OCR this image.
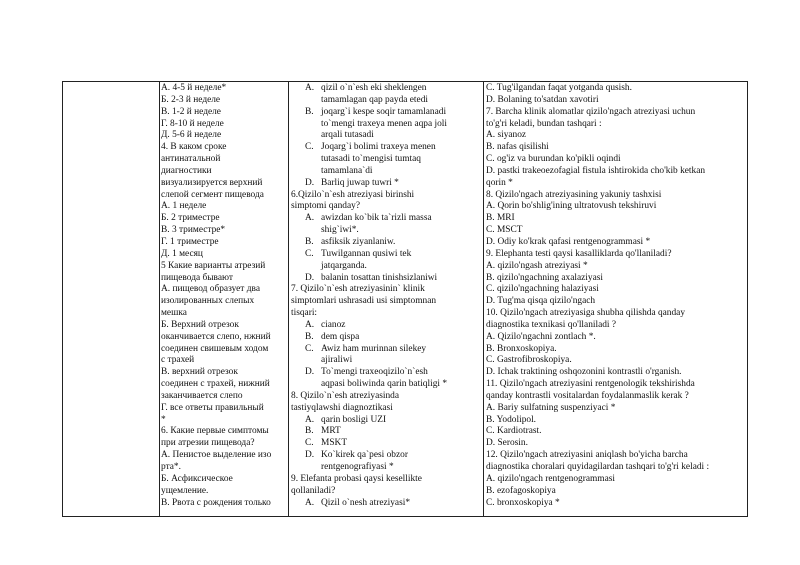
А. 4-5 й неделе*
Б. 2-3 й неделе
В. 1-2 й неделе
Г. 8-10 й неделе
Д. 5-6 й неделе
4. В каком сроке
антинатальной
диагностики
визуализируется верхний
слепой сегмент пищевода
А. 1 неделе
Б. 2 триместре
В. 3 триместре*
Г. 1 триместре
Д. 1 месяц
5 Какие варианты атрезий
пищевода бывают
А. пищевод образует два
изолированных слепых
мешка
Б. Верхний отрезок
оканчивается слепо, нжний
соединен свишевым ходом
с трахей
В. верхний отрезок
соединен с трахей, нижний
заканчивается слепо
Г. все ответы правильный
*
6. Какие первые симптомы
при атрезии пищевода?
А. Пенистое выделение изо
рта*.
Б. Асфиксическое
ущемление.
В. Рвота с рождения только
A. qizil o`n`esh eki sheklengen
tamamlagan qap payda etedi
B. joqarg`i kespe soqir tamamlanadi
to`mengi traxeya menen aqpa joli
arqali tutasadi
C. Joqarg`i bolimi traxeya menen
tutasadi to`mengisi tumtaq
tamamlana`di
D. Barliq juwap tuwri *
6.Qizilo`n`esh atreziyasi birinshi
simptomi qanday?
A. awizdan ko`bik ta`rizli massa
shig`iwi*.
B. asfiksik ziyanlaniw.
C. Tuwilgannan qusiwi tek
jatqarganda.
D. balanin tosattan tinishsizlaniwi
7. Qizilo`n`esh atreziyasinin` klinik
simptomlari ushrasadi usi simptomnan
tisqari:
A. cianoz
B. dem qispa
C. Awiz ham murinnan silekey
ajiraliwi
D. To`mengi traxeoqizilo`n`esh
aqpasi boliwinda qarin batiqligi *
8. Qizilo`n`esh atreziyasinda
tastiyqlawshi diagnoztikasi
A. qarin bosligi UZI
B. MRT
C. MSKT
D. Ko`kirek qa`pesi obzor
rentgenografiyasi *
9. Elefanta probasi qaysi kesellikte
qollaniladi?
A. Qizil o`nesh atreziyasi*
C. Tug'ilgandan faqat yotganda qusish.
D. Bolaning to'satdan xavotiri
7. Barcha klinik alomatlar qizilo'ngach atreziyasi uchun
to'g'ri keladi, bundan tashqari :
A. siyanoz
B. nafas qisilishi
C. og'iz va burundan ko'pikli oqindi
D. pastki trakeoezofagial fistula ishtirokida cho'kib ketkan
qorin *
8. Qizilo'ngach atreziyasining yakuniy tashxisi
A. Qorin bo'shlig'ining ultratovush tekshiruvi
B. MRI
C. MSCT
D. Odiy ko'krak qafasi rentgenogrammasi *
9. Elephanta testi qaysi kasalliklarda qo'llaniladi?
A. qizilo'ngash atreziyasi *
B. qizilo'ngachning axalaziyasi
C. qizilo'ngachning halaziyasi
D. Tug'ma qisqa qizilo'ngach
10. Qizilo'ngach atreziyasiga shubha qilishda qanday
diagnostika texnikasi qo'llaniladi ?
A. Qizilo'ngachni zontlach *.
B. Bronxoskopiya.
C. Gastrofibroskopiya.
D. Ichak traktining oshqozonini kontrastli o'rganish.
11. Qizilo'ngach atreziyasini rentgenologik tekshirishda
qanday kontrastli vositalardan foydalanmaslik kerak ?
A. Bariy sulfatning suspenziyaci *
B. Yodolipol.
C. Kardiotrast.
D. Serosin.
12. Qizilo'ngach atreziyasini aniqlash bo'yicha barcha
diagnostika choralari quyidagilardan tashqari to'g'ri keladi :
A. qizilo'ngach rentgenogrammasi
B. ezofagoskopiya
C. bronxoskopiya *
